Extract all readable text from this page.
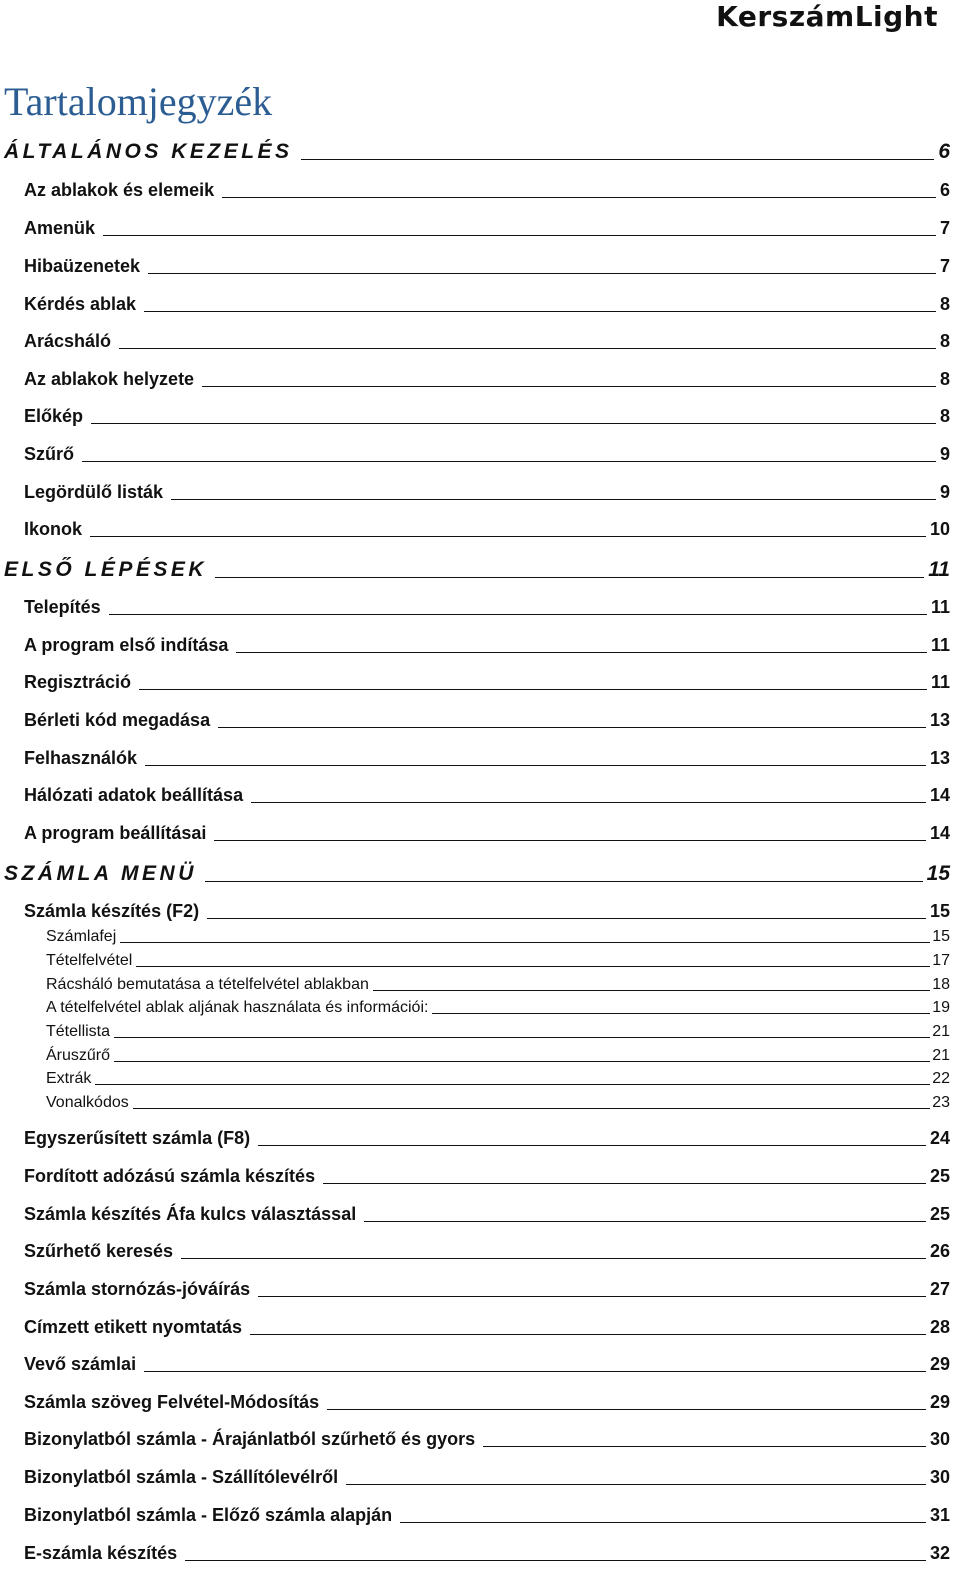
KerszámLight
Tartalomjegyzék
ÁLTALÁNOS KEZELÉS	6
Az ablakok és elemeik	6
Amenük	7
Hibaüzenetek	7
Kérdés ablak	8
Arácsháló	8
Az ablakok helyzete	8
Előkép	8
Szűrő	9
Legördülő listák	9
Ikonok	10
ELSŐ LÉPÉSEK	11
Telepítés	11
A program első indítása	11
Regisztráció	11
Bérleti kód megadása	13
Felhasználók	13
Hálózati adatok beállítása	14
A program beállításai	14
SZÁMLA MENÜ	15
Számla készítés (F2)	15
Számlafej	15
Tételfelvétel	17
Rácsháló bemutatása a tételfelvétel ablakban	18
A tételfelvétel ablak aljának használata és információi:	19
Tétellista	21
Áruszűrő	21
Extrák	22
Vonalkódos	23
Egyszerűsített számla (F8)	24
Fordított adózású számla készítés	25
Számla készítés Áfa kulcs választással	25
Szűrhető keresés	26
Számla stornózás-jóváírás	27
Címzett etikett nyomtatás	28
Vevő számlai	29
Számla szöveg Felvétel-Módosítás	29
Bizonylatból számla - Árajánlatból szűrhető és gyors	30
Bizonylatból számla - Szállítólevélről	30
Bizonylatból számla - Előző számla alapján	31
E-számla készítés	32
